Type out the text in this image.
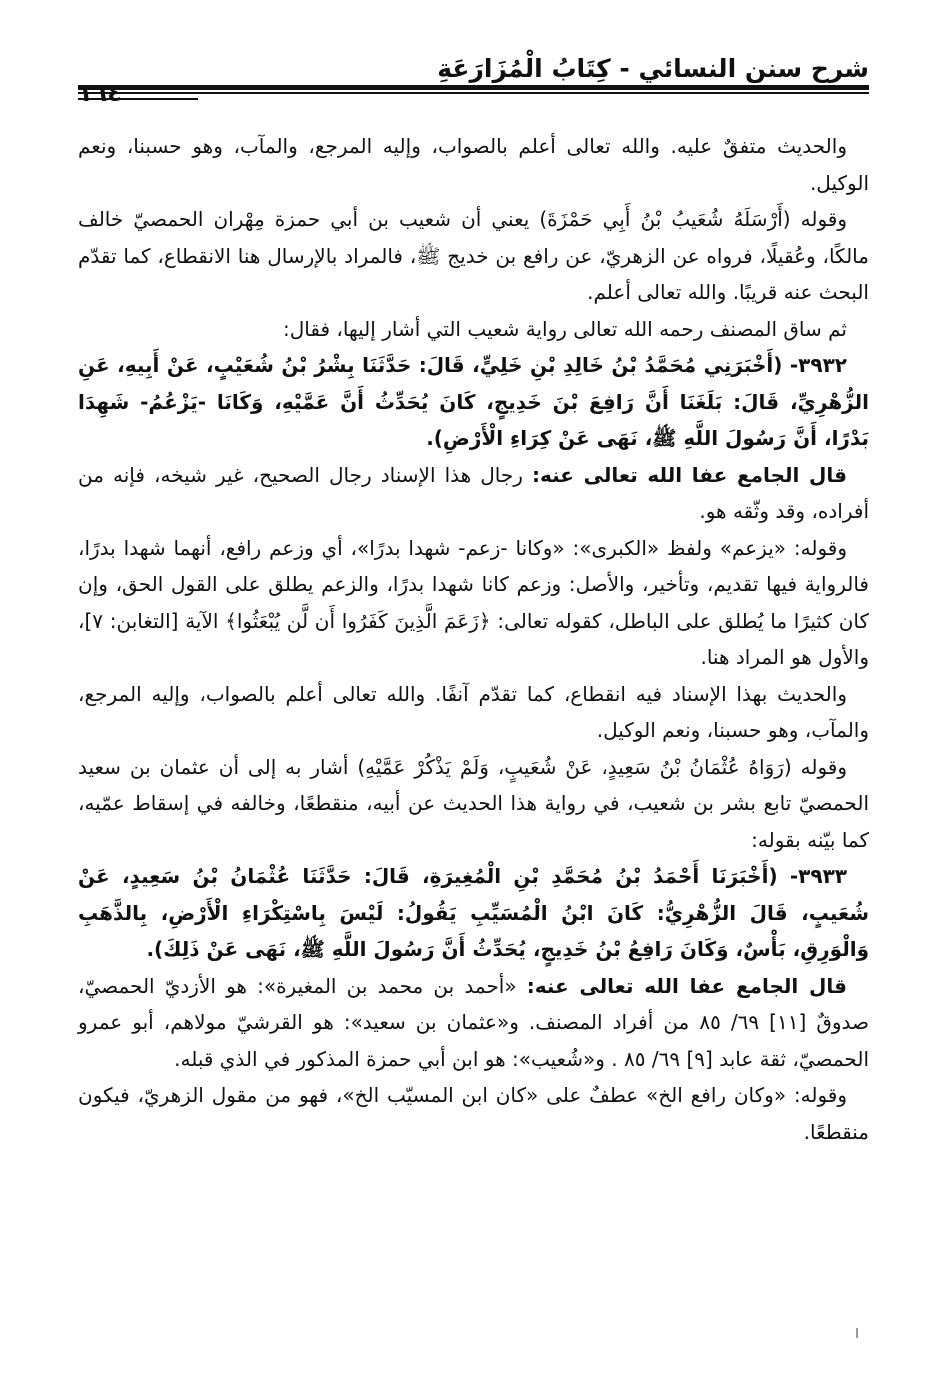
شرح سنن النسائي - كِتَابُ الْمُزَارَعَةِ

والحديث متفقٌ عليه. والله تعالى أعلم بالصواب، وإليه المرجع، والمآب، وهو حسبنا، ونعم الوكيل.

وقوله (أَرْسَلَهُ شُعَيبُ بْنُ أَبِي حَمْزَةَ) يعني أن شعيب بن أبي حمزة مِهْران الحمصيّ خالف مالكًا، وعُقيلًا، فرواه عن الزهريّ، عن رافع بن خديج ﷺ، فالمراد بالإرسال هنا الانقطاع، كما تقدّم البحث عنه قريبًا. والله تعالى أعلم.

ثم ساق المصنف رحمه الله تعالى رواية شعيب التي أشار إليها، فقال:

٣٩٣٢- (أَخْبَرَنِي مُحَمَّدُ بْنُ خَالِدِ بْنِ خَلِيٍّ، قَالَ: حَدَّثَنَا بِشْرُ بْنُ شُعَيْبٍ، عَنْ أَبِيهِ، عَنِ الزُّهْرِيِّ، قَالَ: بَلَغَنَا أَنَّ رَافِعَ بْنَ خَدِيجٍ، كَانَ يُحَدِّثُ أَنَّ عَمَّيْهِ، وَكَانَا -يَزْعُمُ- شَهِدَا بَدْرًا، أَنَّ رَسُولَ اللَّهِ ﷺ، نَهَى عَنْ كِرَاءِ الْأَرْضِ).

قال الجامع عفا الله تعالى عنه: رجال هذا الإسناد رجال الصحيح، غير شيخه، فإنه من أفراده، وقد وثّقه هو.

وقوله: «يزعم» ولفظ «الكبرى»: «وكانا -زعم- شهدا بدرًا»، أي وزعم رافع، أنهما شهدا بدرًا، فالرواية فيها تقديم، وتأخير، والأصل: وزعم كانا شهدا بدرًا، والزعم يطلق على القول الحق، وإن كان كثيرًا ما يُطلق على الباطل، كقوله تعالى: ﴿زَعَمَ الَّذِينَ كَفَرُوا أَن لَّن يُبْعَثُوا﴾ الآية [التغابن: ٧]، والأول هو المراد هنا.

والحديث بهذا الإسناد فيه انقطاع، كما تقدّم آنفًا. والله تعالى أعلم بالصواب، وإليه المرجع، والمآب، وهو حسبنا، ونعم الوكيل.

وقوله (رَوَاهُ عُثْمَانُ بْنُ سَعِيدٍ، عَنْ شُعَيبٍ، وَلَمْ يَذْكُرْ عَمَّيْهِ) أشار به إلى أن عثمان بن سعيد الحمصيّ تابع بشر بن شعيب، في رواية هذا الحديث عن أبيه، منقطعًا، وخالفه في إسقاط عمّيه، كما بيّنه بقوله:

٣٩٣٣- (أَخْبَرَنَا أَحْمَدُ بْنُ مُحَمَّدِ بْنِ الْمُغِيرَةِ، قَالَ: حَدَّثَنَا عُثْمَانُ بْنُ سَعِيدٍ، عَنْ شُعَيبٍ، قَالَ الزُّهْرِيُّ: كَانَ ابْنُ الْمُسَيِّبِ يَقُولُ: لَيْسَ بِاسْتِكْرَاءِ الْأَرْضِ، بِالذَّهَبِ وَالْوَرِقِ، بَأْسٌ، وَكَانَ رَافِعُ بْنُ خَدِيجٍ، يُحَدِّثُ أَنَّ رَسُولَ اللَّهِ ﷺ، نَهَى عَنْ ذَلِكَ).

قال الجامع عفا الله تعالى عنه: «أحمد بن محمد بن المغيرة»: هو الأزديّ الحمصيّ، صدوقٌ [١١] ٦٩/ ٨٥ من أفراد المصنف. و«عثمان بن سعيد»: هو القرشيّ مولاهم، أبو عمرو الحمصيّ، ثقة عابد [٩] ٦٩/ ٨٥ . و«شُعيب»: هو ابن أبي حمزة المذكور في الذي قبله.

وقوله: «وكان رافع الخ» عطفٌ على «كان ابن المسيّب الخ»، فهو من مقول الزهريّ، فيكون منقطعًا.
